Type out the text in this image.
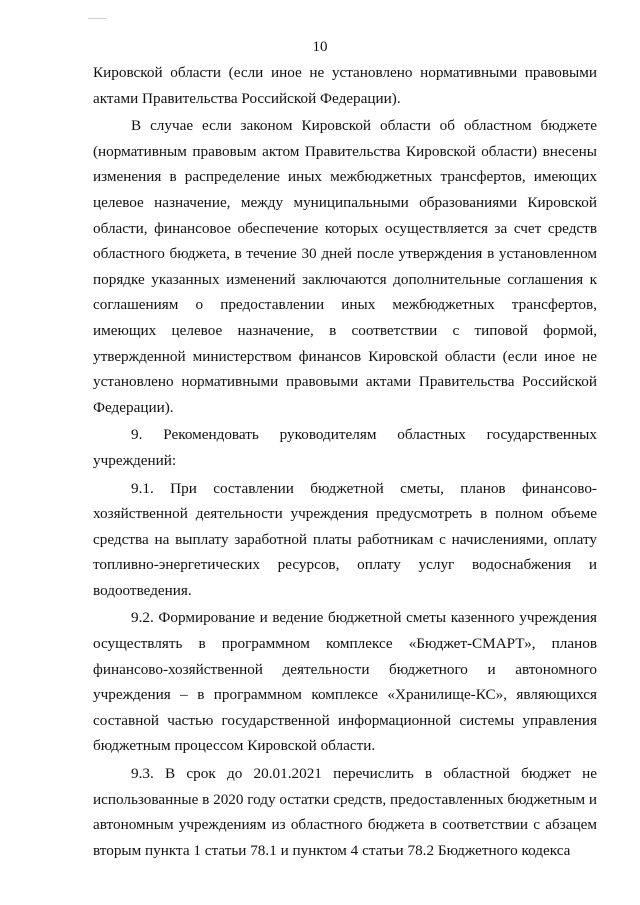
10

Кировской области (если иное не установлено нормативными правовыми актами Правительства Российской Федерации).

В случае если законом Кировской области об областном бюджете (нормативным правовым актом Правительства Кировской области) внесены изменения в распределение иных межбюджетных трансфертов, имеющих целевое назначение, между муниципальными образованиями Кировской области, финансовое обеспечение которых осуществляется за счет средств областного бюджета, в течение 30 дней после утверждения в установленном порядке указанных изменений заключаются дополнительные соглашения к соглашениям о предоставлении иных межбюджетных трансфертов, имеющих целевое назначение, в соответствии с типовой формой, утвержденной министерством финансов Кировской области (если иное не установлено нормативными правовыми актами Правительства Российской Федерации).

9. Рекомендовать руководителям областных государственных учреждений:

9.1. При составлении бюджетной сметы, планов финансово-хозяйственной деятельности учреждения предусмотреть в полном объеме средства на выплату заработной платы работникам с начислениями, оплату топливно-энергетических ресурсов, оплату услуг водоснабжения и водоотведения.

9.2. Формирование и ведение бюджетной сметы казенного учреждения осуществлять в программном комплексе «Бюджет-СМАРТ», планов финансово-хозяйственной деятельности бюджетного и автономного учреждения – в программном комплексе «Хранилище-КС», являющихся составной частью государственной информационной системы управления бюджетным процессом Кировской области.

9.3. В срок до 20.01.2021 перечислить в областной бюджет не использованные в 2020 году остатки средств, предоставленных бюджетным и автономным учреждениям из областного бюджета в соответствии с абзацем вторым пункта 1 статьи 78.1 и пунктом 4 статьи 78.2 Бюджетного кодекса
